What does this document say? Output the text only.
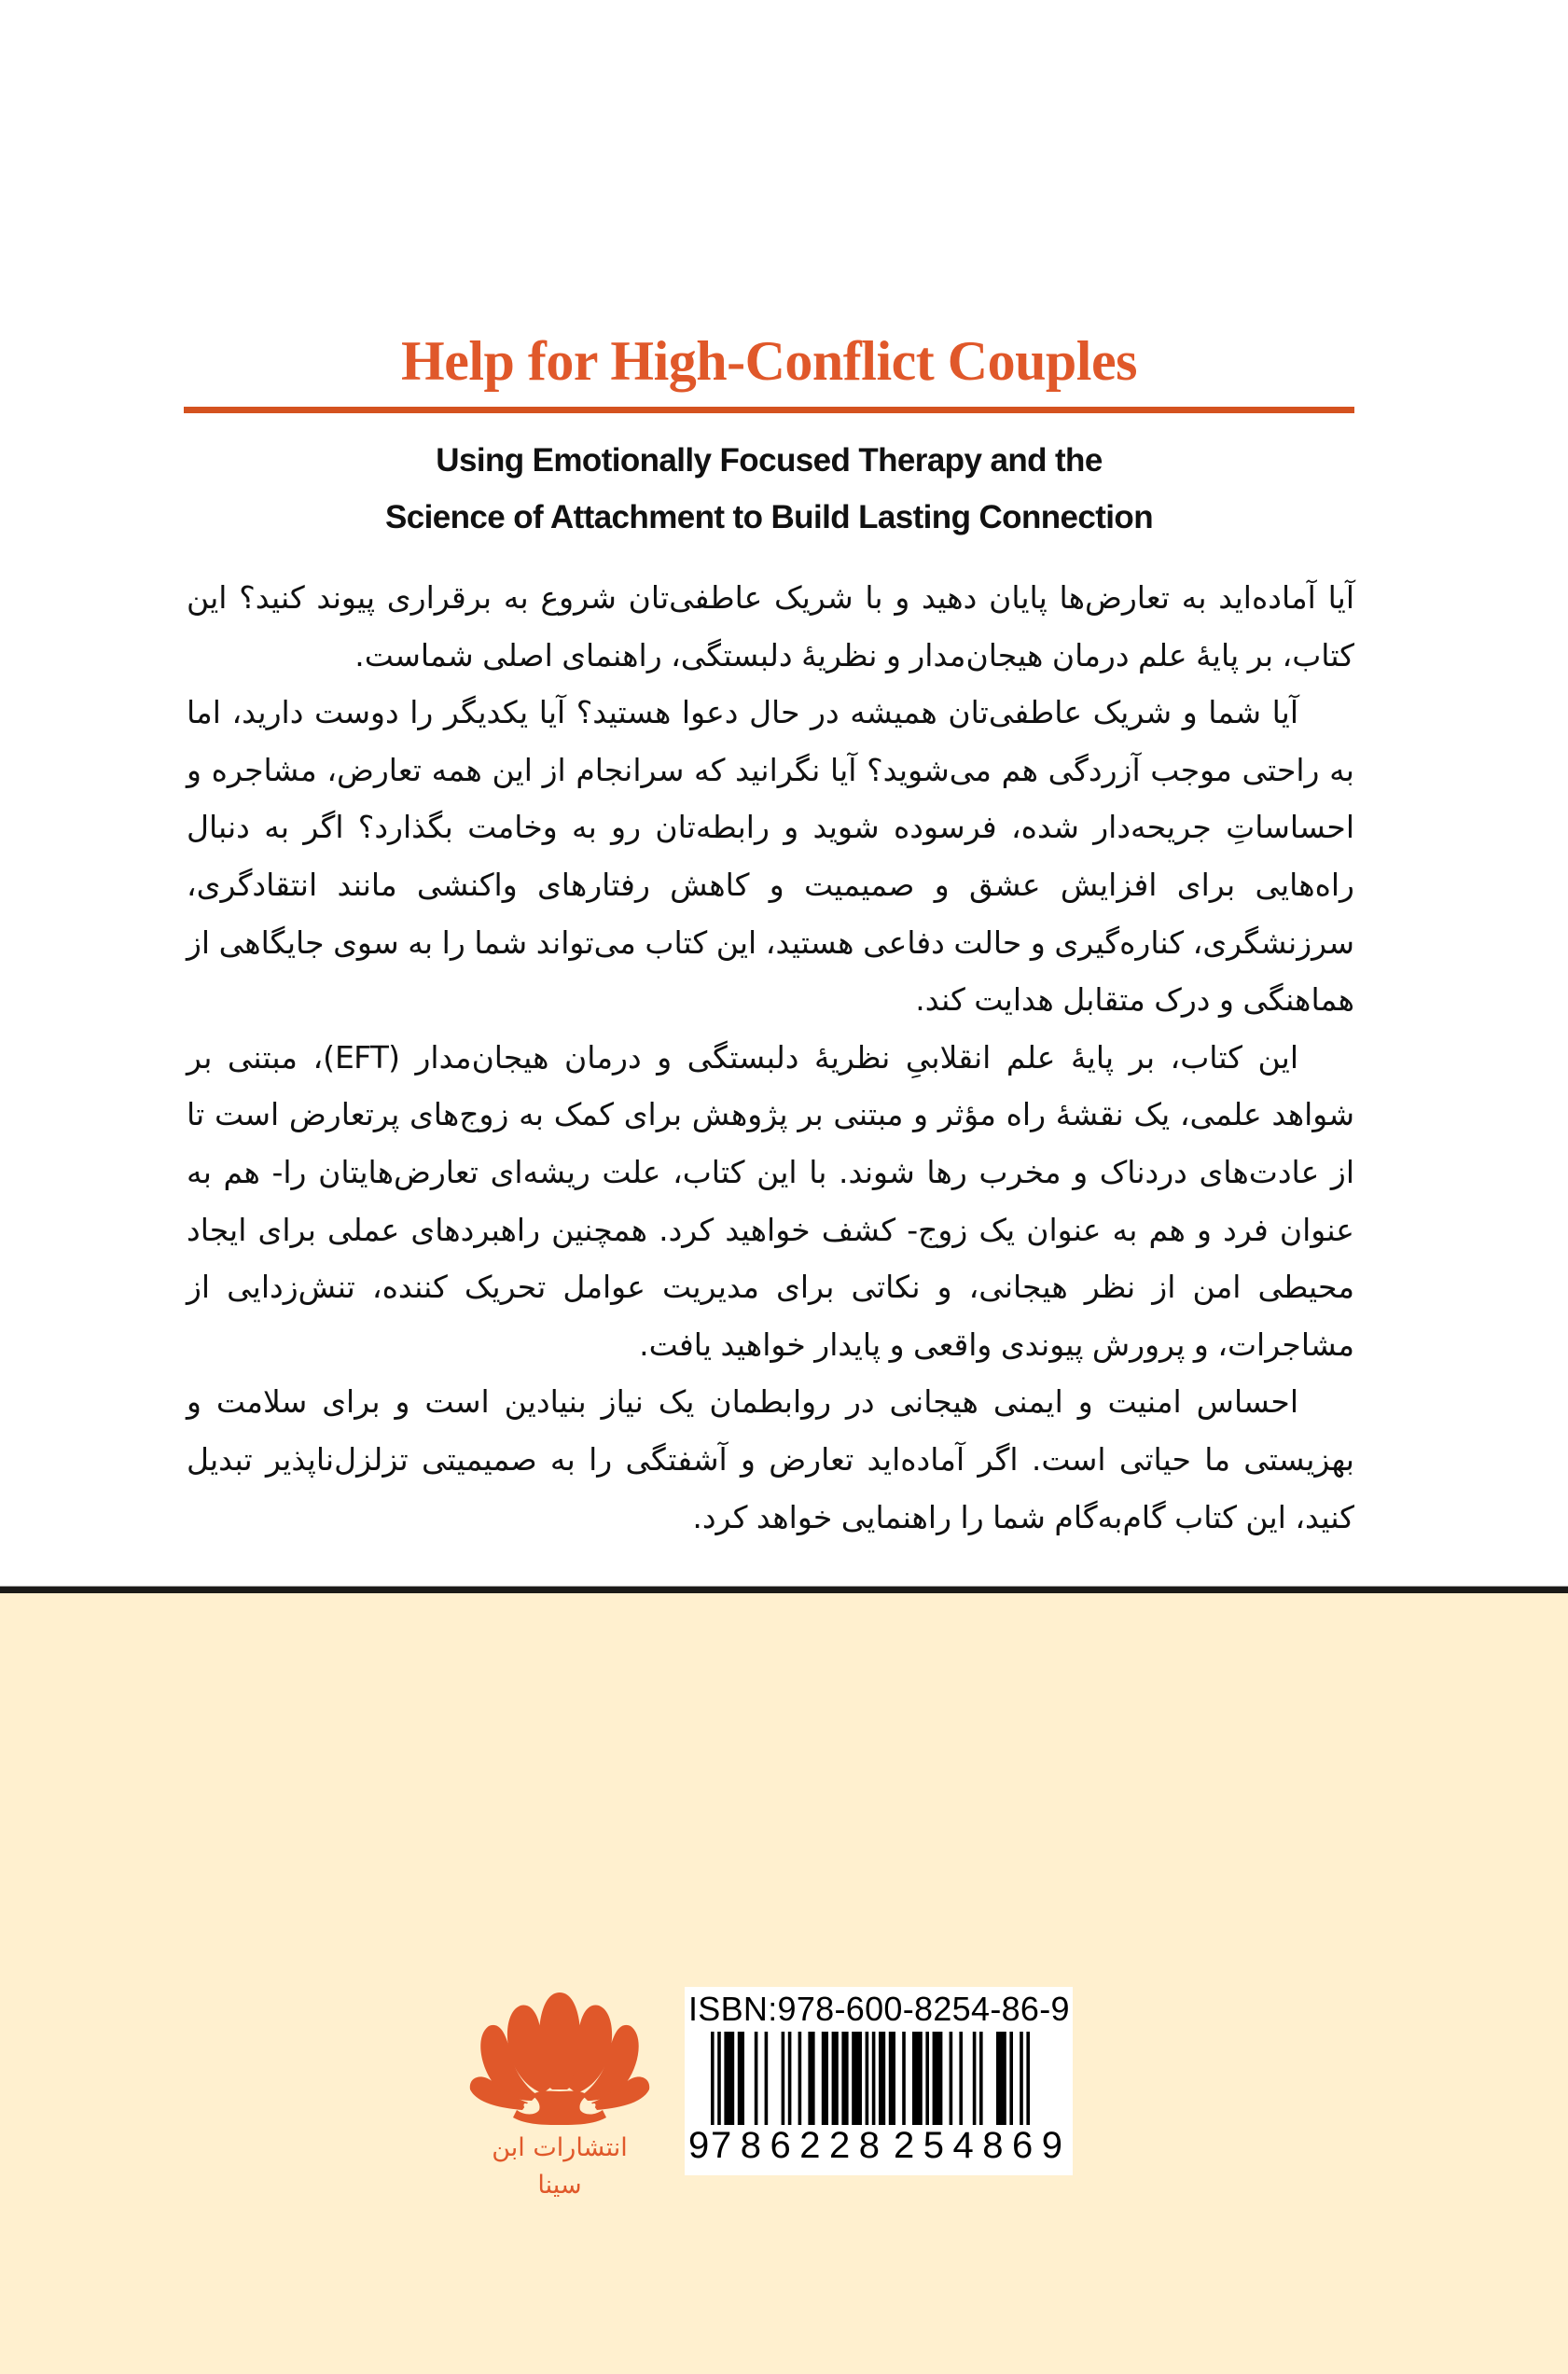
Help for High-Conflict Couples
Using Emotionally Focused Therapy and the
Science of Attachment to Build Lasting Connection

آیا آماده‌اید به تعارض‌ها پایان دهید و با شریک عاطفی‌تان شروع به برقراری پیوند کنید؟ این کتاب، بر پایهٔ علم درمان هیجان‌مدار و نظریهٔ دلبستگی، راهنمای اصلی شماست.

آیا شما و شریک عاطفی‌تان همیشه در حال دعوا هستید؟ آیا یکدیگر را دوست دارید، اما به راحتی موجب آزردگی هم می‌شوید؟ آیا نگرانید که سرانجام از این همه تعارض، مشاجره و احساساتِ جریحه‌دار شده، فرسوده شوید و رابطه‌تان رو به وخامت بگذارد؟ اگر به دنبال راه‌هایی برای افزایش عشق و صمیمیت و کاهش رفتارهای واکنشی مانند انتقادگری، سرزنشگری، کناره‌گیری و حالت دفاعی هستید، این کتاب می‌تواند شما را به سوی جایگاهی از هماهنگی و درک متقابل هدایت کند.

این کتاب، بر پایهٔ علم انقلابیِ نظریهٔ دلبستگی و درمان هیجان‌مدار (EFT)، مبتنی بر شواهد علمی، یک نقشهٔ راه مؤثر و مبتنی بر پژوهش برای کمک به زوج‌های پرتعارض است تا از عادت‌های دردناک و مخرب رها شوند. با این کتاب، علت ریشه‌ای تعارض‌هایتان را- هم به عنوان فرد و هم به عنوان یک زوج- کشف خواهید کرد. همچنین راهبردهای عملی برای ایجاد محیطی امن از نظر هیجانی، و نکاتی برای مدیریت عوامل تحریک کننده، تنش‌زدایی از مشاجرات، و پرورش پیوندی واقعی و پایدار خواهید یافت.

احساس امنیت و ایمنی هیجانی در روابطمان یک نیاز بنیادین است و برای سلامت و بهزیستی ما حیاتی است. اگر آماده‌اید تعارض و آشفتگی را به صمیمیتی تزلزل‌ناپذیر تبدیل کنید، این کتاب گام‌به‌گام شما را راهنمایی خواهد کرد.

انتشارات ابن سینا
ISBN:978-600-8254-86-9
9 786228 254869
